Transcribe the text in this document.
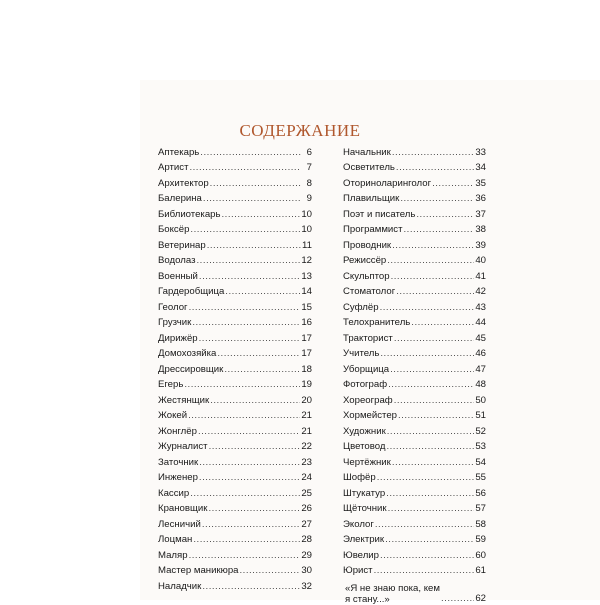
СОДЕРЖАНИЕ
Аптекарь .....	6
Артист .....	7
Архитектор .....	8
Балерина .....	9
Библиотекарь .....	10
Боксёр .....	10
Ветеринар .....	11
Водолаз .....	12
Военный .....	13
Гардеробщица .....	14
Геолог .....	15
Грузчик .....	16
Дирижёр .....	17
Домохозяйка .....	17
Дрессировщик .....	18
Егерь .....	19
Жестянщик .....	20
Жокей .....	21
Жонглёр .....	21
Журналист .....	22
Заточник .....	23
Инженер .....	24
Кассир .....	25
Крановщик .....	26
Лесничий .....	27
Лоцман .....	28
Маляр .....	29
Мастер маникюра .....	30
Наладчик .....	32
Начальник .....	33
Осветитель .....	34
Оториноларинголог .....	35
Плавильщик .....	36
Поэт и писатель .....	37
Программист .....	38
Проводник .....	39
Режиссёр .....	40
Скульптор .....	41
Стоматолог .....	42
Суфлёр .....	43
Телохранитель .....	44
Тракторист .....	45
Учитель .....	46
Уборщица .....	47
Фотограф .....	48
Хореограф .....	50
Хормейстер .....	51
Художник .....	52
Цветовод .....	53
Чертёжник .....	54
Шофёр .....	55
Штукатур .....	56
Щёточник .....	57
Эколог .....	58
Электрик .....	59
Ювелир .....	60
Юрист .....	61
«Я не знаю пока, кем я стану...» .....	62
